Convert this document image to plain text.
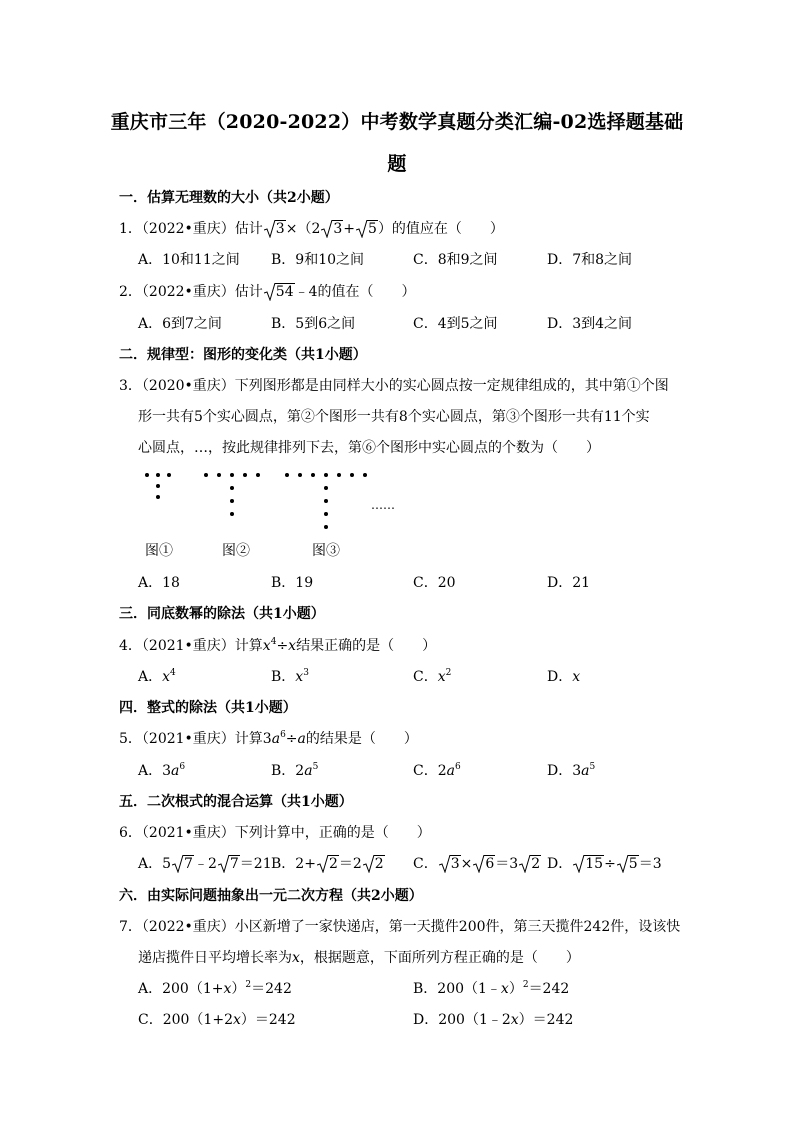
重庆市三年（2020-2022）中考数学真题分类汇编-02选择题基础
题
一．估算无理数的大小（共2小题）
1．（2022•重庆）估计 3×（2 3+ 5）的值应在（　　）
A．10和11之间 B．9和10之间	C．8和9之间	D．7和8之间
2．（2022•重庆）估计 54﹣4的值在（　　）
A．6到7之间	B．5到6之间	C．4到5之间	D．3到4之间
二．规律型：图形的变化类（共1小题）
3．（2020•重庆）下列图形都是由同样大小的实心圆点按一定规律组成的，其中第①个图
形一共有5个实心圆点，第②个图形一共有8个实心圆点，第③个图形一共有11个实
心圆点，…，按此规律排列下去，第⑥个图形中实心圆点的个数为（　　）
……
图①	图②	图③
A．18	B．19	C．20	D．21
三．同底数幂的除法（共1小题）
4．（2021•重庆）计算$x^4\div x$结果正确的是（　　）
A．$x^4$	B．$x^3$	C．$x^2$	D．x
四．整式的除法（共1小题）
5．（2021•重庆）计算$3a^6\div a$的结果是（　　）
A．$3a^6$	B．$2a^5$	C．$2a^6$	D．$3a^5$
五．二次根式的混合运算（共1小题）
6．（2021•重庆）下列计算中，正确的是（　　）
A．5 7﹣2 7＝21 B．2+ 2＝2 2 C． 3× 6＝3 2 D． 15÷ 5＝3
六．由实际问题抽象出一元二次方程（共2小题）
7．（2022•重庆）小区新增了一家快递店，第一天揽件200件，第三天揽件242件，设该快
递店揽件日平均增长率为x，根据题意，下面所列方程正确的是（　　）
A．$200(1+x)^2=242$	B．200（1﹣x）$^2$＝242
C．200（1+2x）＝242	D．200（1﹣2x）＝242
